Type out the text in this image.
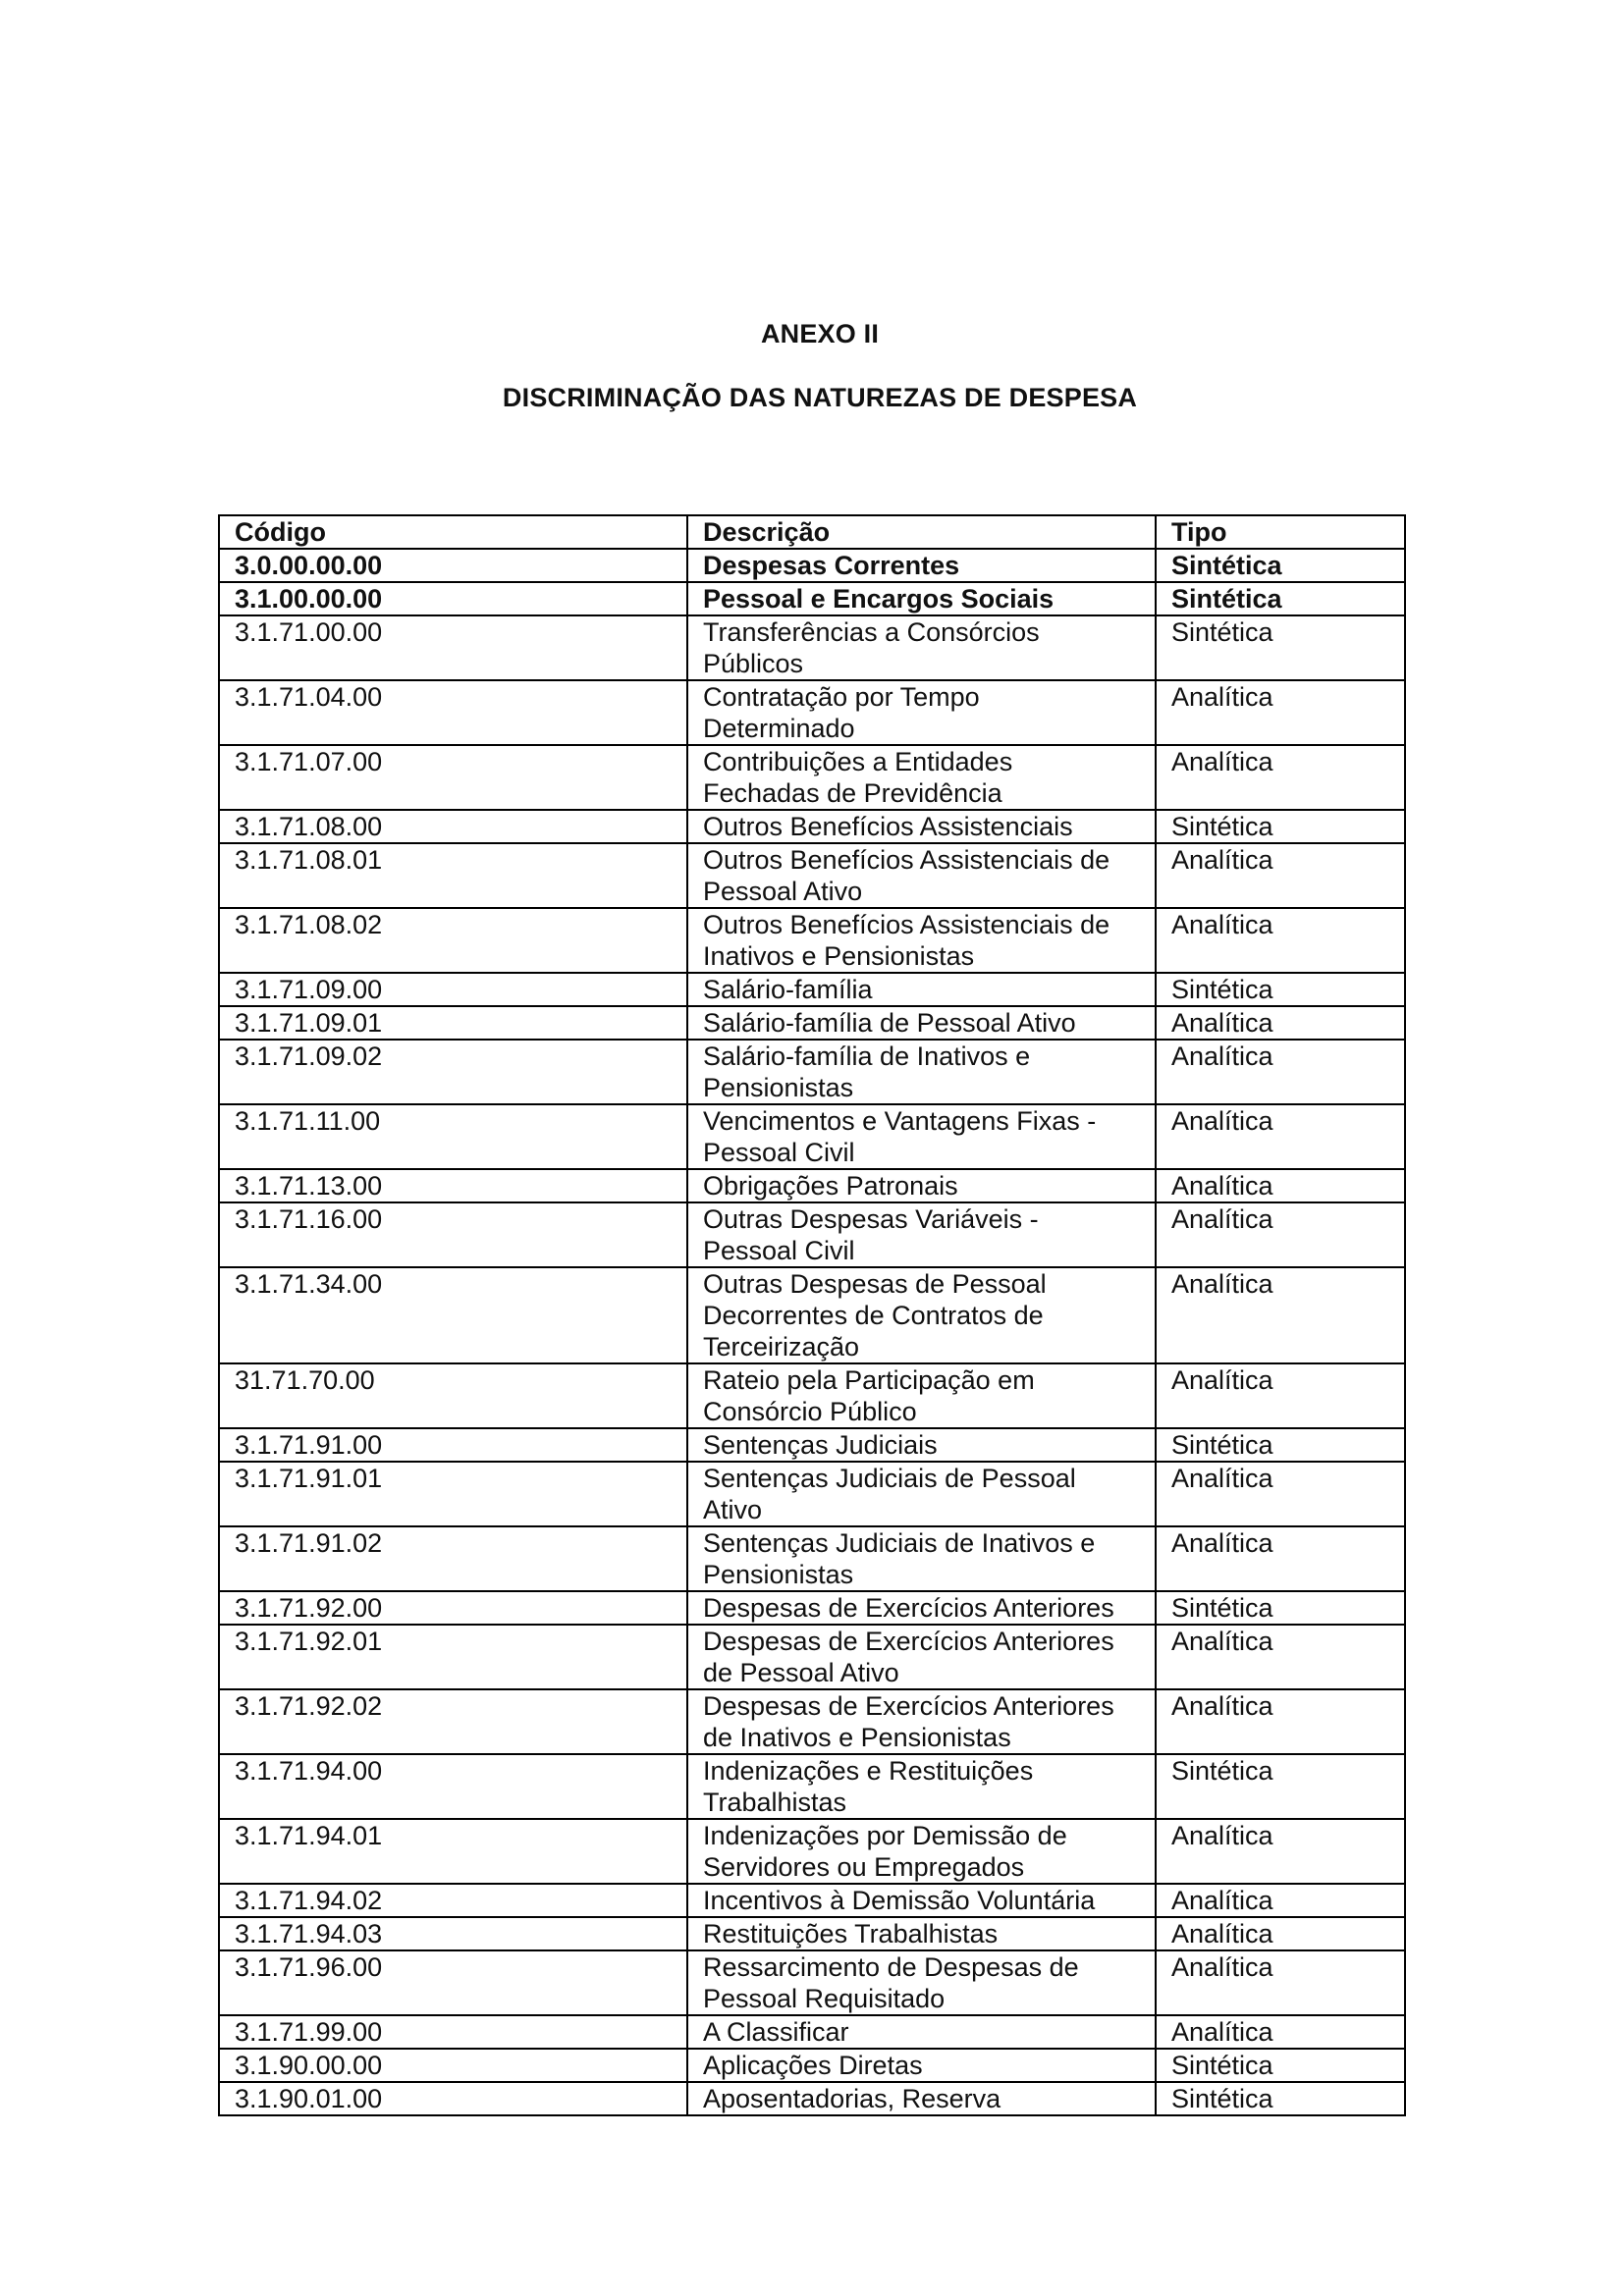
ANEXO II
DISCRIMINAÇÃO DAS NATUREZAS DE DESPESA
Código	Descrição	Tipo
3.0.00.00.00	Despesas Correntes	Sintética
3.1.00.00.00	Pessoal e Encargos Sociais	Sintética
3.1.71.00.00	Transferências a Consórcios
Públicos	Sintética
3.1.71.04.00	Contratação por Tempo
Determinado	Analítica
3.1.71.07.00	Contribuições a Entidades
Fechadas de Previdência	Analítica
3.1.71.08.00	Outros Benefícios Assistenciais	Sintética
3.1.71.08.01	Outros Benefícios Assistenciais de
Pessoal Ativo	Analítica
3.1.71.08.02	Outros Benefícios Assistenciais de
Inativos e Pensionistas	Analítica
3.1.71.09.00	Salário-família	Sintética
3.1.71.09.01	Salário-família de Pessoal Ativo	Analítica
3.1.71.09.02	Salário-família de Inativos e
Pensionistas	Analítica
3.1.71.11.00	Vencimentos e Vantagens Fixas -
Pessoal Civil	Analítica
3.1.71.13.00	Obrigações Patronais	Analítica
3.1.71.16.00	Outras Despesas Variáveis -
Pessoal Civil	Analítica
3.1.71.34.00	Outras Despesas de Pessoal
Decorrentes de Contratos de
Terceirização	Analítica
31.71.70.00	Rateio pela Participação em
Consórcio Público	Analítica
3.1.71.91.00	Sentenças Judiciais	Sintética
3.1.71.91.01	Sentenças Judiciais de Pessoal
Ativo	Analítica
3.1.71.91.02	Sentenças Judiciais de Inativos e
Pensionistas	Analítica
3.1.71.92.00	Despesas de Exercícios Anteriores	Sintética
3.1.71.92.01	Despesas de Exercícios Anteriores
de Pessoal Ativo	Analítica
3.1.71.92.02	Despesas de Exercícios Anteriores
de Inativos e Pensionistas	Analítica
3.1.71.94.00	Indenizações e Restituições
Trabalhistas	Sintética
3.1.71.94.01	Indenizações por Demissão de
Servidores ou Empregados	Analítica
3.1.71.94.02	Incentivos à Demissão Voluntária	Analítica
3.1.71.94.03	Restituições Trabalhistas	Analítica
3.1.71.96.00	Ressarcimento de Despesas de
Pessoal Requisitado	Analítica
3.1.71.99.00	A Classificar	Analítica
3.1.90.00.00	Aplicações Diretas	Sintética
3.1.90.01.00	Aposentadorias, Reserva	Sintética
